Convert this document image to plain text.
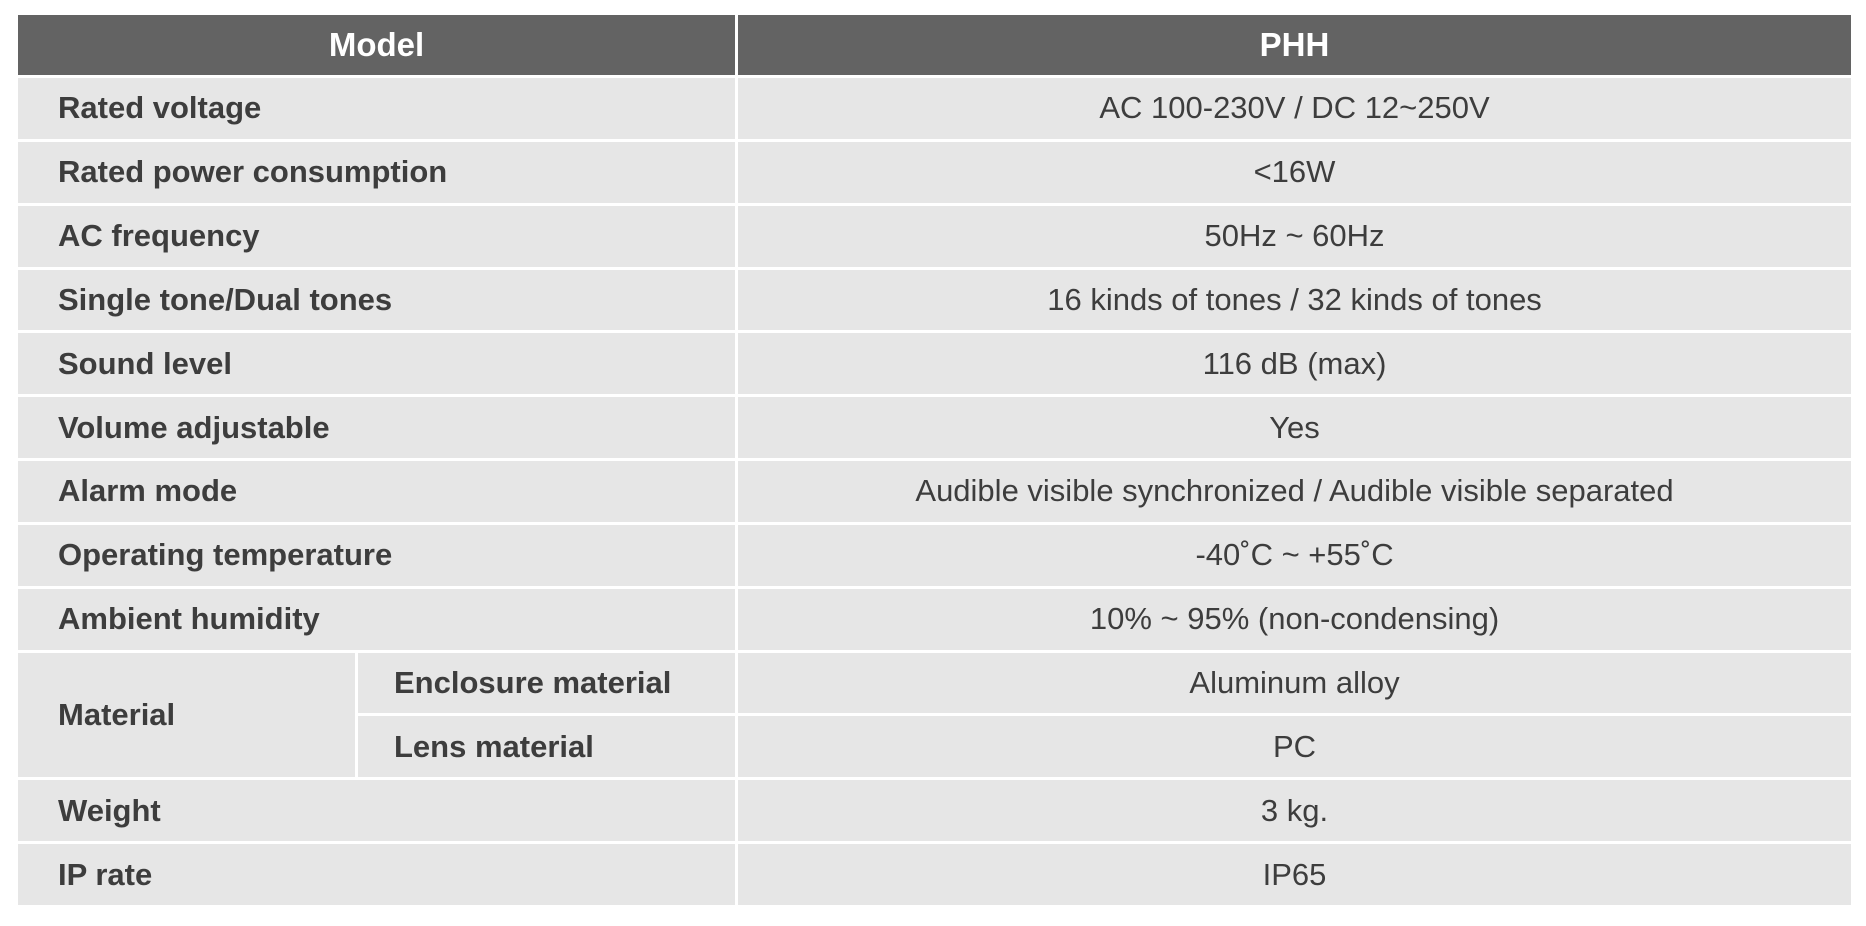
Model		PHH
Rated voltage		AC 100-230V / DC 12~250V
Rated power consumption		<16W
AC frequency		50Hz ~ 60Hz
Single tone/Dual tones		16 kinds of tones / 32 kinds of tones
Sound level		116 dB (max)
Volume adjustable		Yes
Alarm mode		Audible visible synchronized / Audible visible separated
Operating temperature		-40˚C ~ +55˚C
Ambient humidity		10% ~ 95% (non-condensing)
Material	Enclosure material	Aluminum alloy
	Lens material	PC
Weight		3 kg.
IP rate		IP65
